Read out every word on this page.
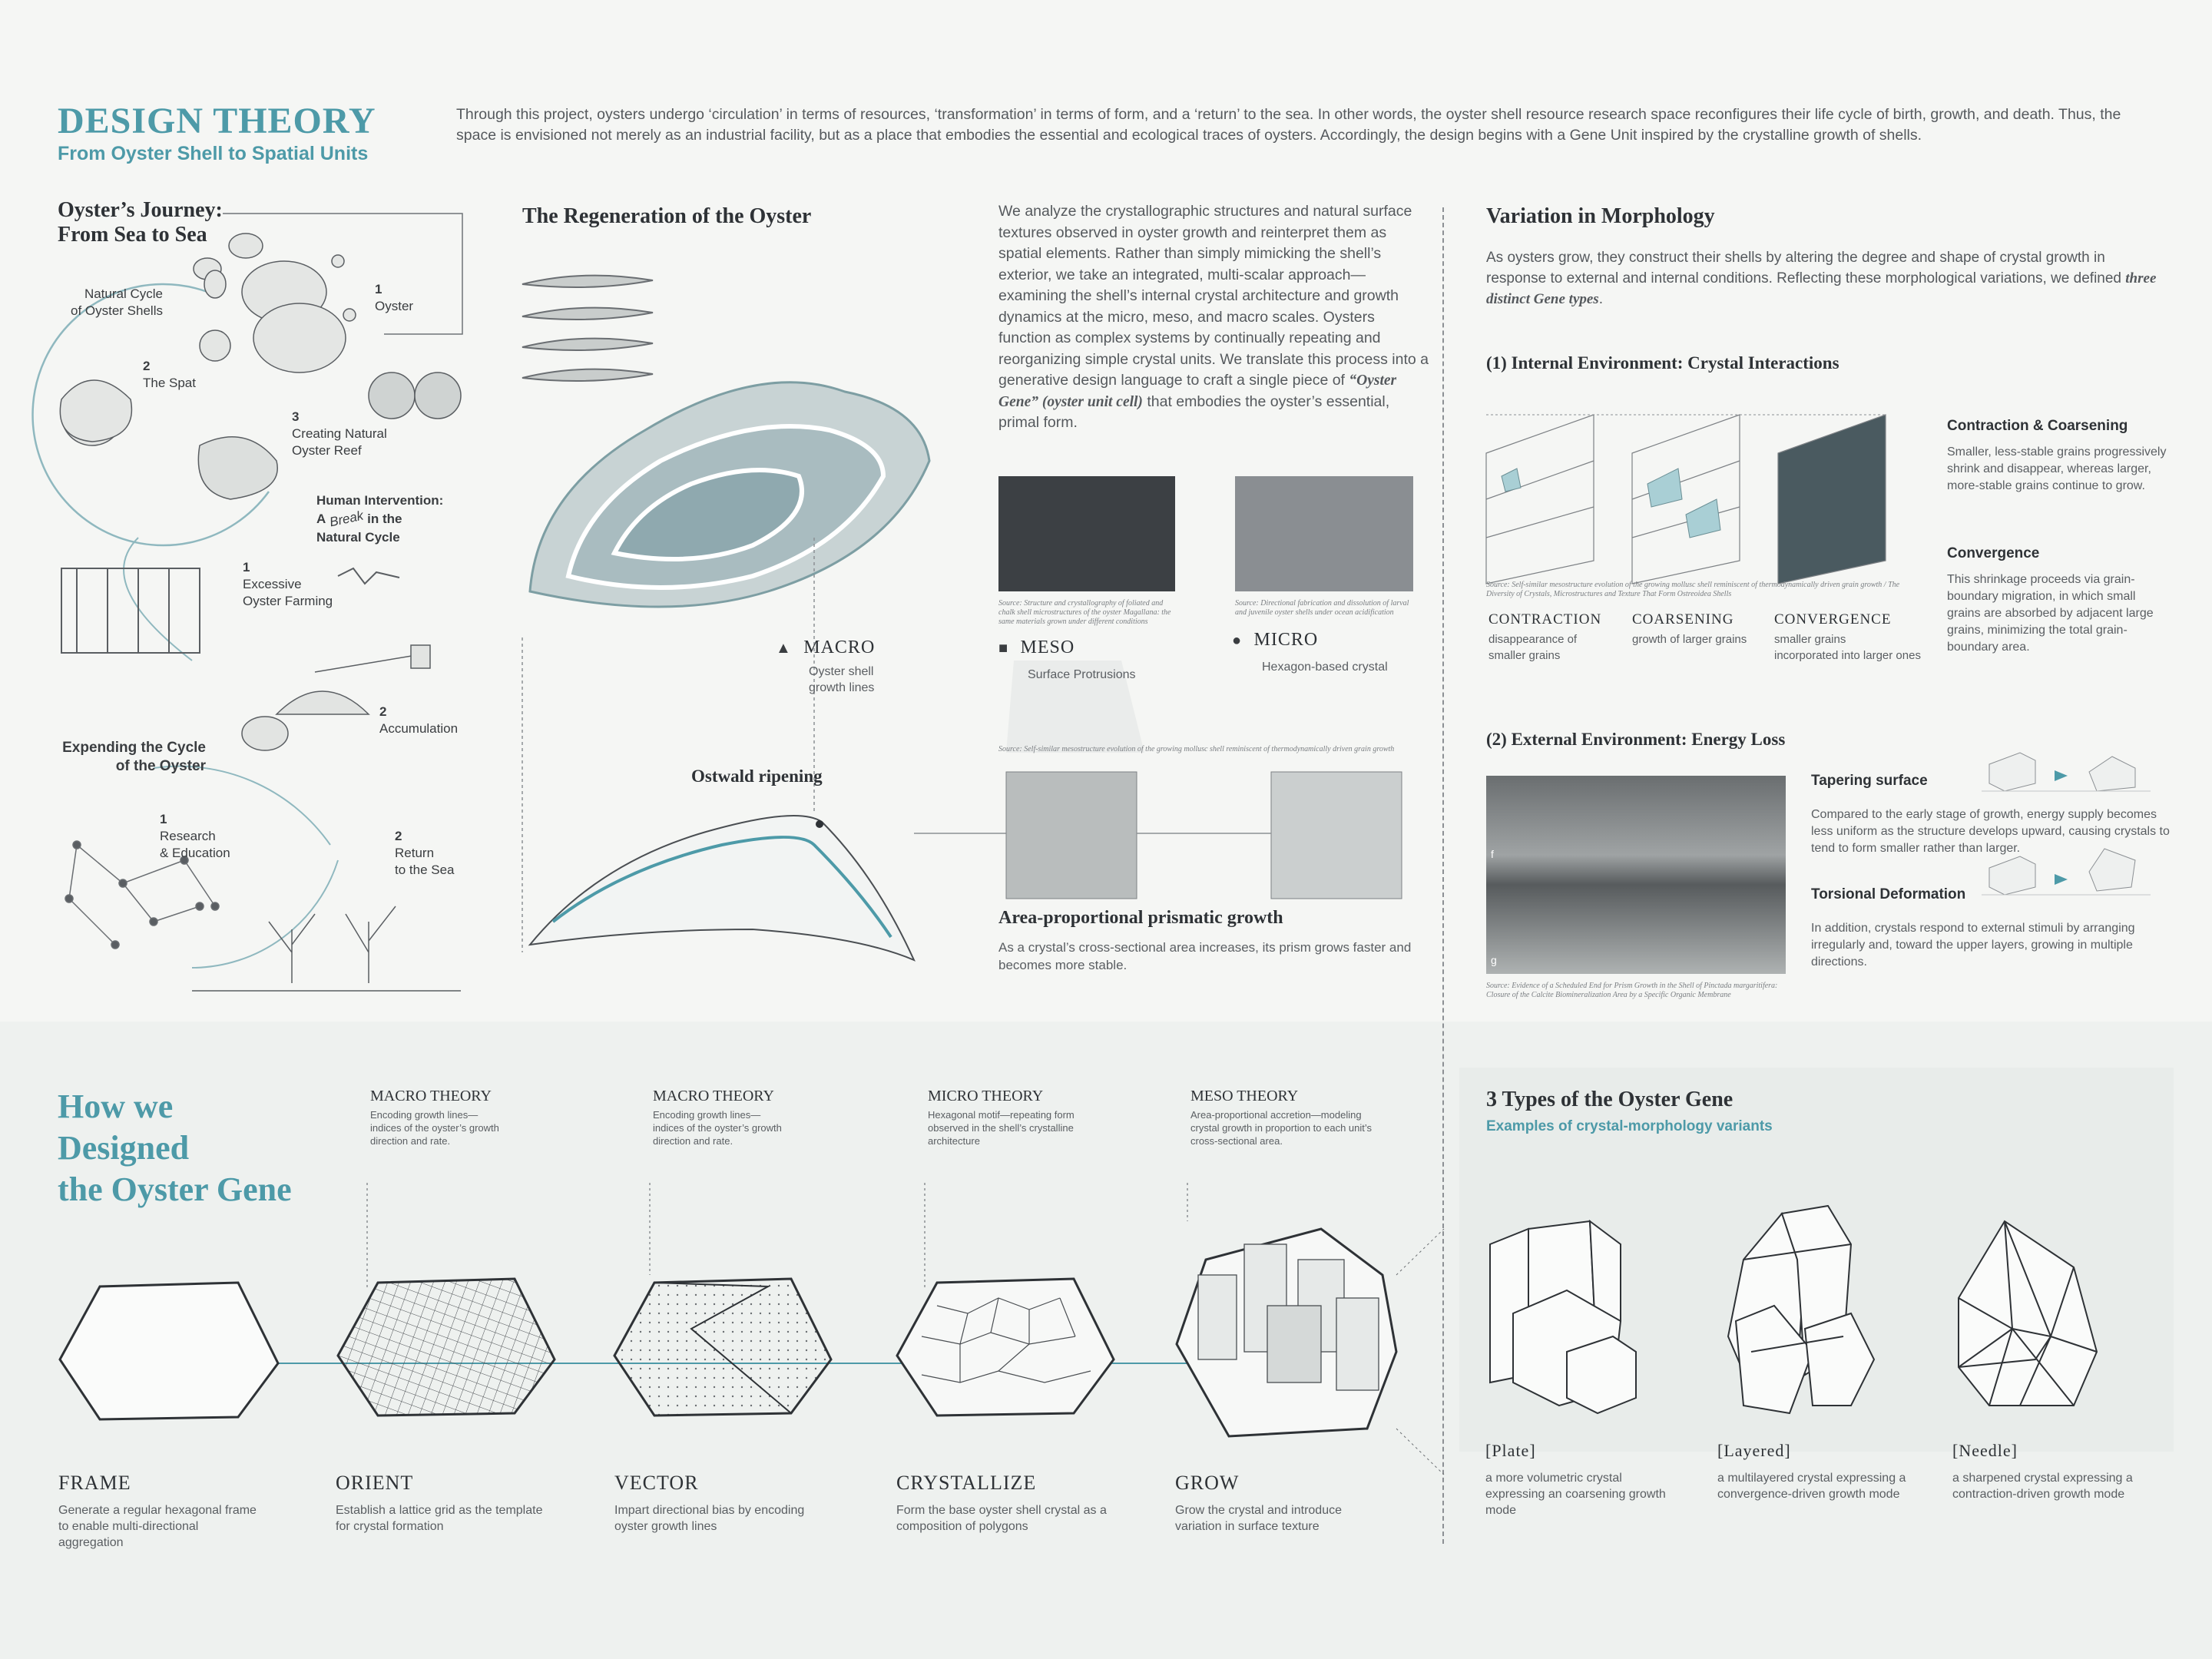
DESIGN THEORY
From Oyster Shell to Spatial Units
Through this project, oysters undergo ‘circulation’ in terms of resources, ‘transformation’ in terms of form, and a ‘return’ to the sea. In other words, the oyster shell resource research space reconfigures their life cycle of birth, growth, and death. Thus, the space is envisioned not merely as an industrial facility, but as a place that embodies the essential and ecological traces of oysters. Accordingly, the design begins with a Gene Unit inspired by the crystalline growth of shells.
Oyster’s Journey:
From Sea to Sea
Natural Cycle
of Oyster Shells
1
Oyster
2
The Spat
3
Creating Natural
Oyster Reef
Human Intervention:
A Break in the
Natural Cycle
1
Excessive
Oyster Farming
2
Accumulation
Expending the Cycle
of the Oyster
1
Research
& Education
2
Return
to the Sea
The Regeneration of the Oyster	We analyze the crystallographic structures and natural surface textures observed in oyster growth and reinterpret them as spatial elements. Rather than simply mimicking the shell’s exterior, we take an integrated, multi-scalar approach—examining the shell’s internal crystal architecture and growth dynamics at the micro, meso, and macro scales. Oysters function as complex systems by continually repeating and reorganizing simple crystal units. We translate this process into a generative design language to craft a single piece of “Oyster Gene” (oyster unit cell) that embodies the oyster’s essential, primal form.
Source: Structure and crystallography of foliated and chalk shell microstructures of the oyster Magallana: the same materials grown under different conditions
Source: Directional fabrication and dissolution of larval and juvenile oyster shells under ocean acidification
▲ MACRO
Oyster shell
growth lines
■ MESO
Surface Protrusions
● MICRO
Hexagon-based crystal
Source: Self-similar mesostructure evolution of the growing mollusc shell reminiscent of thermodynamically driven grain growth
Ostwald ripening
Area-proportional prismatic growth
As a crystal’s cross-sectional area increases, its prism grows faster and becomes more stable.
Variation in Morphology
As oysters grow, they construct their shells by altering the degree and shape of crystal growth in response to external and internal conditions. Reflecting these morphological variations, we defined three distinct Gene types.
(1) Internal Environment: Crystal Interactions
Source: Self-similar mesostructure evolution of the growing mollusc shell reminiscent of thermodynamically driven grain growth / The Diversity of Crystals, Microstructures and Texture That Form Ostreoidea Shells
CONTRACTION
disappearance of
smaller grains
COARSENING
growth of larger grains
CONVERGENCE
smaller grains
incorporated into larger ones
Contraction & Coarsening
Smaller, less-stable grains progressively shrink and disappear, whereas larger, more-stable grains continue to grow.
Convergence
This shrinkage proceeds via grain-boundary migration, in which small grains are absorbed by adjacent large grains, minimizing the total grain-boundary area.
(2) External Environment: Energy Loss
f
g
Source: Evidence of a Scheduled End for Prism Growth in the Shell of Pinctada margaritifera: Closure of the Calcite Biomineralization Area by a Specific Organic Membrane
Tapering surface
Compared to the early stage of growth, energy supply becomes less uniform as the structure develops upward, causing crystals to tend to form smaller rather than larger.
Torsional Deformation
In addition, crystals respond to external stimuli by arranging irregularly and, toward the upper layers, growing in multiple directions.
How we
Designed
the Oyster Gene
MACRO THEORY
Encoding growth lines—
indices of the oyster’s growth
direction and rate.
MACRO THEORY
Encoding growth lines—
indices of the oyster’s growth
direction and rate.
MICRO THEORY
Hexagonal motif—repeating form
observed in the shell’s crystalline
architecture
MESO THEORY
Area-proportional accretion—modeling
crystal growth in proportion to each unit’s
cross-sectional area.
FRAME
Generate a regular hexagonal frame
to enable multi-directional
aggregation
ORIENT
Establish a lattice grid as the template
for crystal formation
VECTOR
Impart directional bias by encoding
oyster growth lines
CRYSTALLIZE
Form the base oyster shell crystal as a
composition of polygons
GROW
Grow the crystal and introduce
variation in surface texture
3 Types of the Oyster Gene
Examples of crystal-morphology variants
[Plate]
a more volumetric crystal
expressing an coarsening growth
mode
[Layered]
a multilayered crystal expressing a
convergence-driven growth mode
[Needle]
a sharpened crystal expressing a
contraction-driven growth mode
